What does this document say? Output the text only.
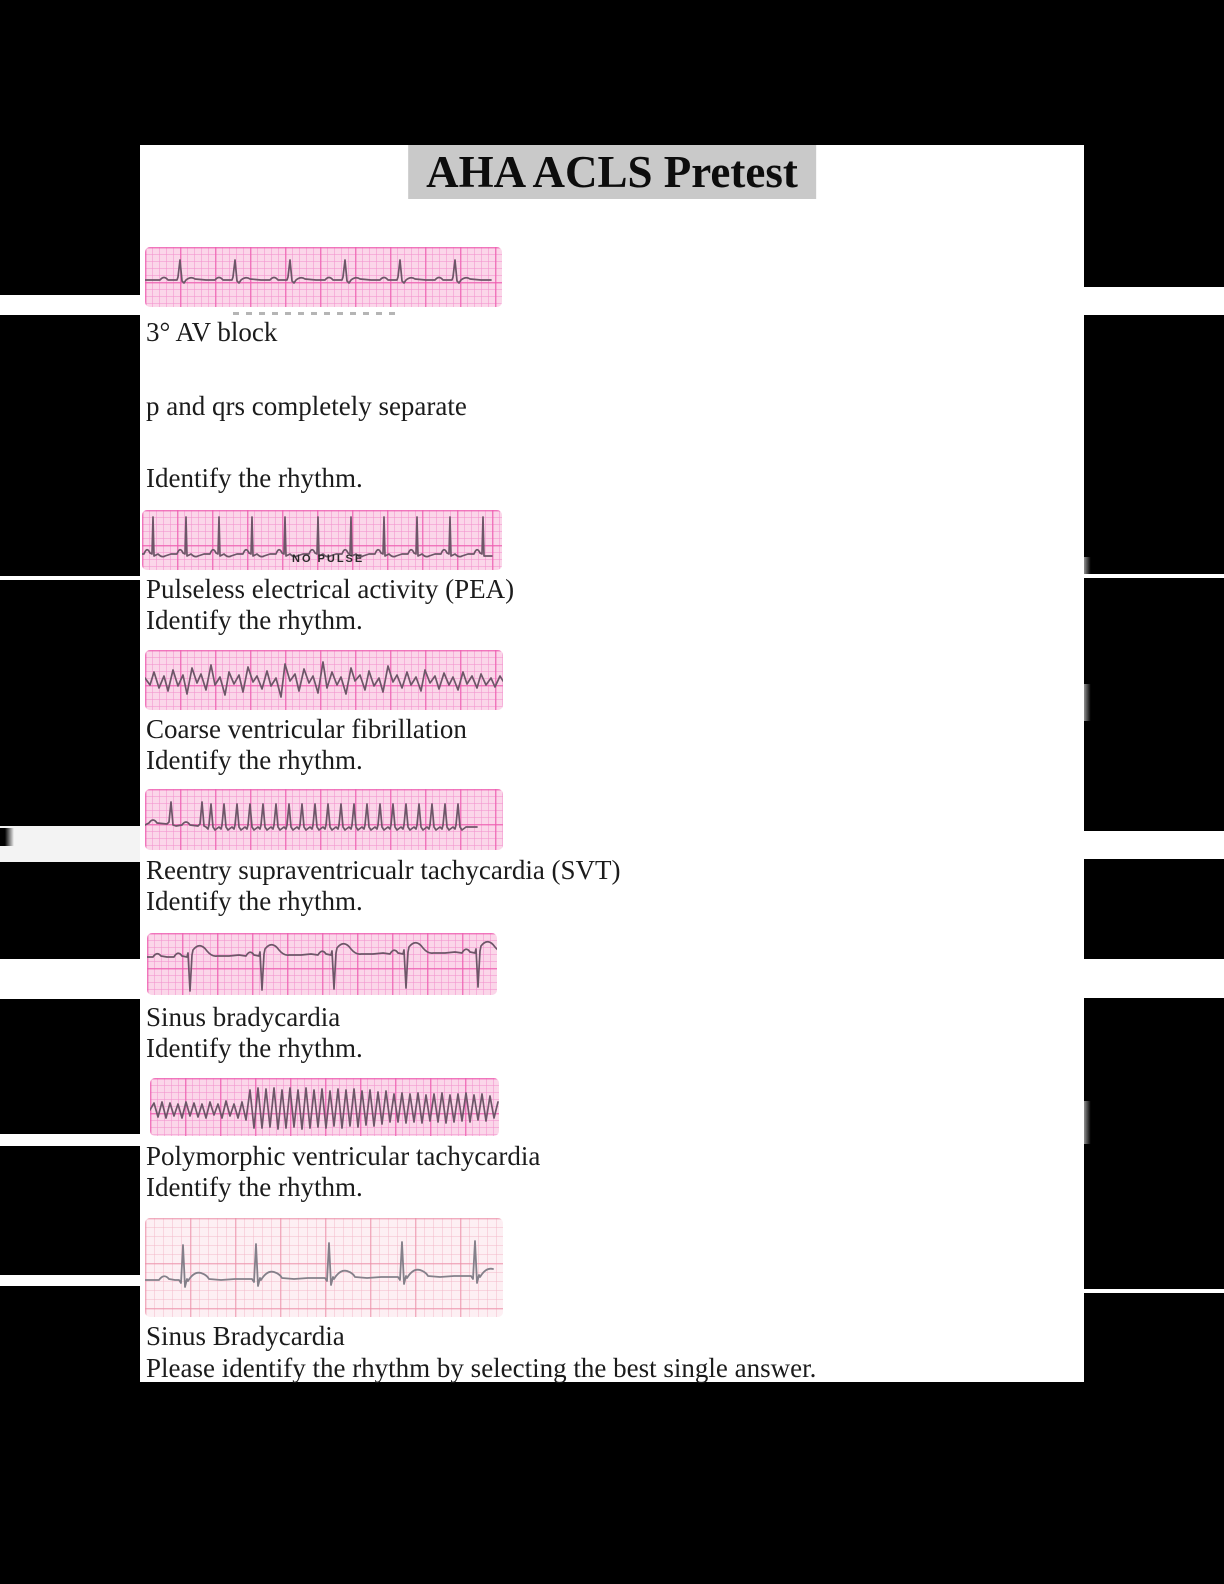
AHA ACLS Pretest
3° AV block
p and qrs completely separate
Identify the rhythm.
NO PULSE
Pulseless electrical activity (PEA)
Identify the rhythm.
Coarse ventricular fibrillation
Identify the rhythm.
Reentry supraventricualr tachycardia (SVT)
Identify the rhythm.
Sinus bradycardia
Identify the rhythm.
Polymorphic ventricular tachycardia
Identify the rhythm.
Sinus Bradycardia
Please identify the rhythm by selecting the best single answer.
